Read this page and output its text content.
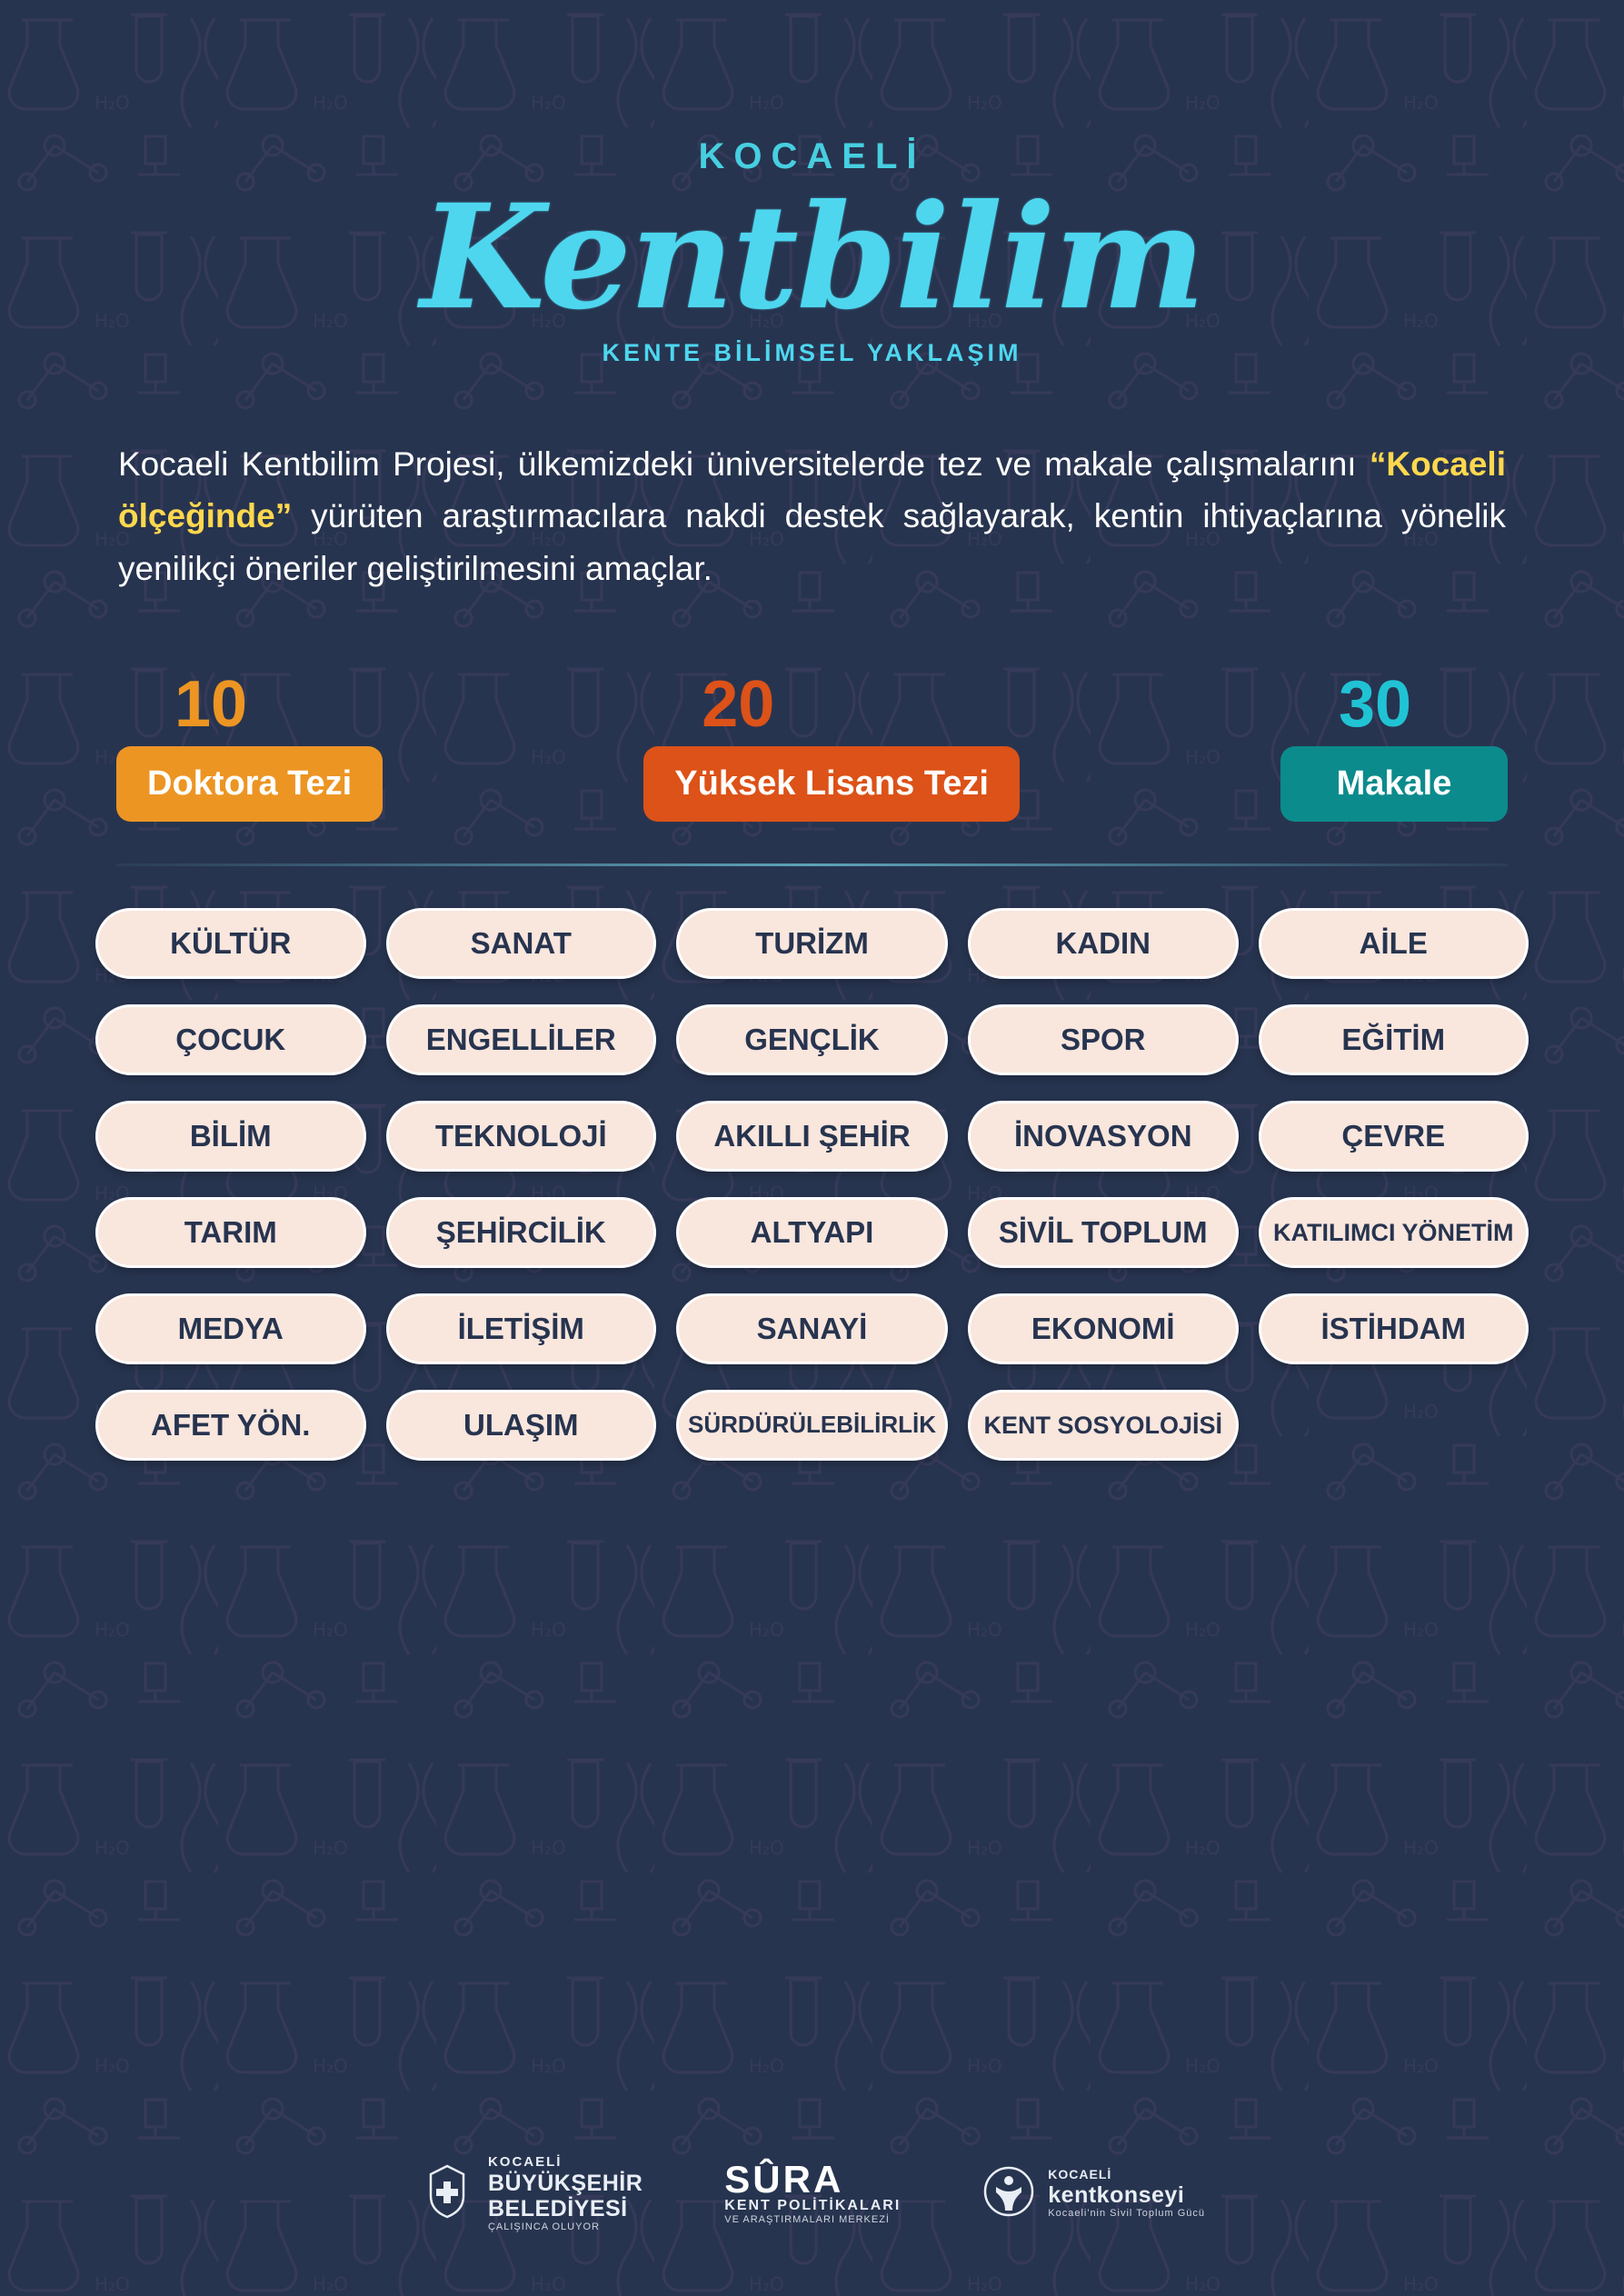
KOCAELİ
Kentbilim
KENTE BİLİMSEL YAKLAŞIM

Kocaeli Kentbilim Projesi, ülkemizdeki üniversitelerde tez ve makale çalışmalarını “Kocaeli ölçeğinde” yürüten araştırmacılara nakdi destek sağlayarak, kentin ihtiyaçlarına yönelik yenilikçi öneriler geliştirilmesini amaçlar.

10
Doktora Tezi
20
Yüksek Lisans Tezi
30
Makale
KÜLTÜR	SANAT	TURİZM	KADIN	AİLE
ÇOCUK	ENGELLİLER	GENÇLİK	SPOR	EĞİTİM
BİLİM	TEKNOLOJİ	AKILLI ŞEHİR	İNOVASYON	ÇEVRE
TARIM	ŞEHİRCİLİK	ALTYAPI	SİVİL TOPLUM	KATILIMCI YÖNETİM
MEDYA	İLETİŞİM	SANAYİ	EKONOMİ	İSTİHDAM
AFET YÖN.	ULAŞIM	SÜRDÜRÜLEBİLİRLİK	KENT SOSYOLOJİSİ
KOCAELİ
BÜYÜKŞEHİR
BELEDİYESİ
ÇALIŞINCA OLUYOR
SÛRA
KENT POLİTİKALARI
VE ARAŞTIRMALARI MERKEZİ
KOCAELİ
kentkonseyi
Kocaeli'nin Sivil Toplum Gücü
